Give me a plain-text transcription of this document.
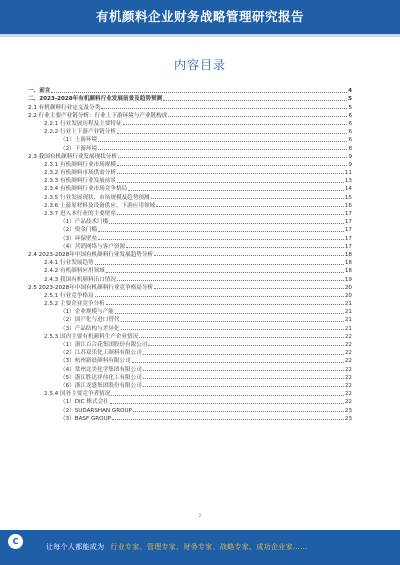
有机颜料企业财务战略管理研究报告
内容目录
一、前言	4
二、2023-2028年有机颜料行业发展前景及趋势预测	5
2.1 有机颜料行业定义及分类	5
2.2 行业主要产业链分析：行业上下游环境与产业链构成	6
2.2.1 行业发展历程及主要特征	6
2.2.2 行业上下游产业链分析	6
（1）上游环境	6
（2）下游环境	8
2.3 我国有机颜料行业发展现状分析	9
2.3.1 有机颜料行业市场规模	9
2.3.2 有机颜料市场供需分析	11
2.3.3 有机颜料行业发展前景	13
2.3.4 有机颜料行业市场竞争格局	14
2.3.5 行业发展现状、市场规模及趋势预测	15
2.3.6 上游原材料及设备供应、下游应用领域	16
2.3.7 进入本行业的主要壁垒	17
（1）产品技术门槛	17
（2）资金门槛	17
（3）环保壁垒	17
（4）营销网络与客户资源	17
2.4 2023-2028年中国有机颜料行业发展趋势分析	18
2.4.1 行业发展趋势	18
2.4.2 有机颜料应用领域	18
2.4.3 我国有机颜料出口情况	19
2.5 2023-2028年中国有机颜料行业竞争格局分析	20
2.5.1 行业竞争格局	20
2.5.2 主要企业竞争分析	21
（1）企业规模与产能	21
（2）国产化与进口替代	21
（3）产品结构与差异化	21
2.5.3 国内主要有机颜料生产企业情况	22
（1）浙江百合花集团股份有限公司	22
（2）江苏双乐化工颜料有限公司	22
（3）杭州新晨颜料有限公司	22
（4）常州北美化学集团有限公司	22
（5）浙江胜达祥伟化工有限公司	22
（6）浙江龙盛集团股份有限公司	22
2.5.4 国外主要竞争者情况	22
（1）DIC 株式会社	22
（2）SUDARSHAN GROUP	23
（3）BASF GROUP	23
2
C
让每个人都能成为 行业专家、管理专家、财务专家、战略专家、成功企业家……
